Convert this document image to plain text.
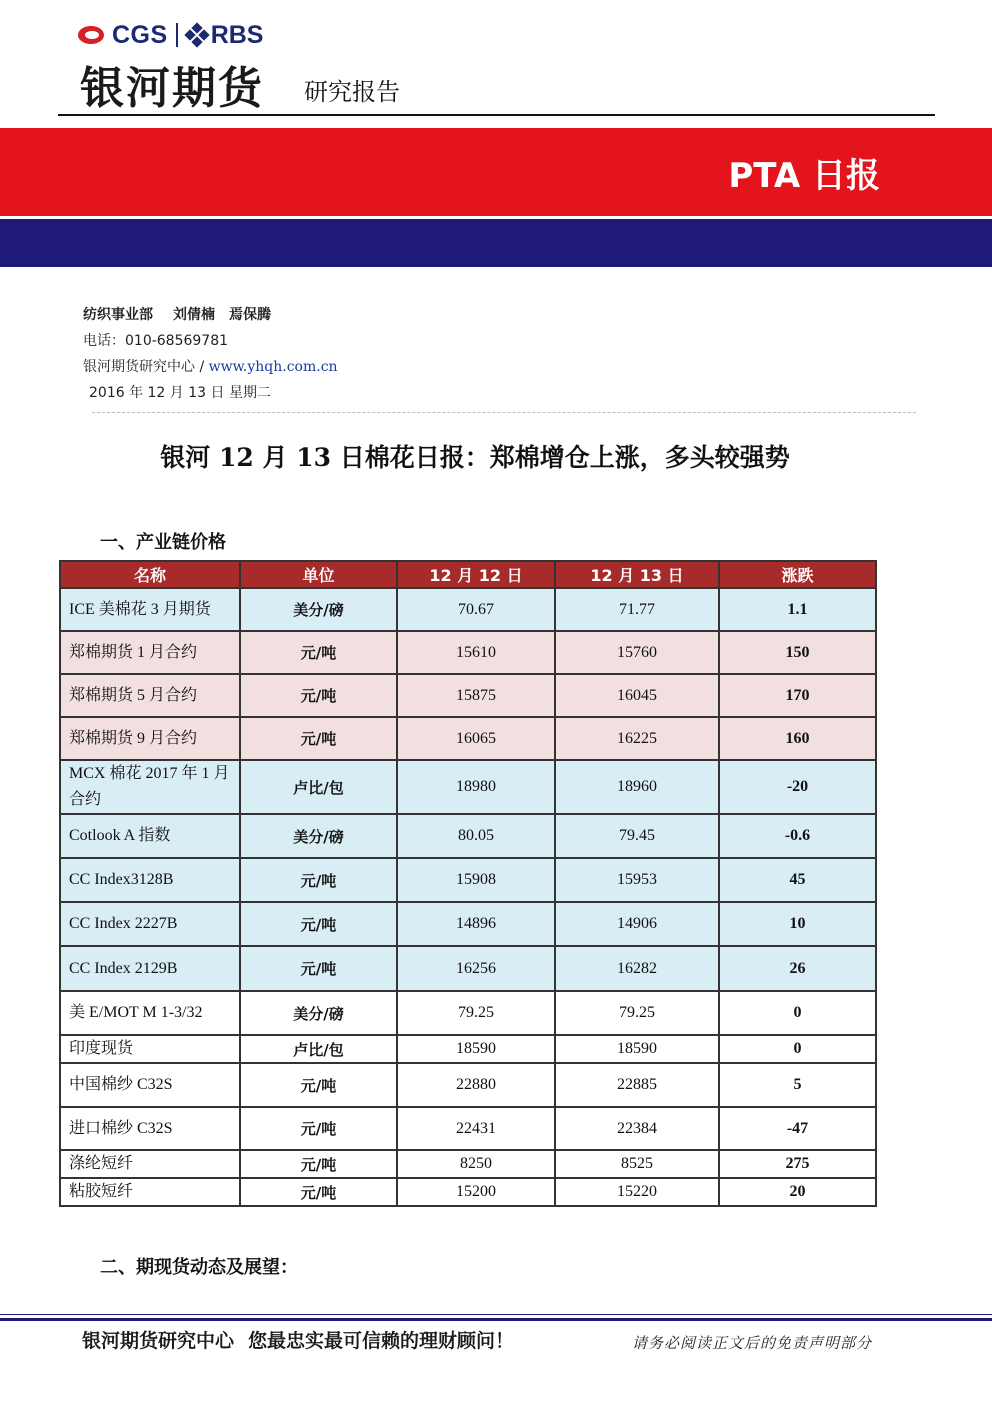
CGS RBS
银河期货 研究报告
PTA 日报
纺织事业部 刘倩楠 焉保腾
电话：010-68569781
银河期货研究中心 / www.yhqh.com.cn
2016 年 12 月 13 日 星期二
银河 12 月 13 日棉花日报：郑棉增仓上涨，多头较强势
一、产业链价格
名称	单位	12 月 12 日	12 月 13 日	涨跌
ICE 美棉花 3 月期货	美分/磅	70.67	71.77	1.1
郑棉期货 1 月合约	元/吨	15610	15760	150
郑棉期货 5 月合约	元/吨	15875	16045	170
郑棉期货 9 月合约	元/吨	16065	16225	160
MCX 棉花 2017 年 1 月合约	卢比/包	18980	18960	-20
Cotlook A 指数	美分/磅	80.05	79.45	-0.6
CC Index3128B	元/吨	15908	15953	45
CC Index 2227B	元/吨	14896	14906	10
CC Index 2129B	元/吨	16256	16282	26
美 E/MOT M 1-3/32	美分/磅	79.25	79.25	0
印度现货	卢比/包	18590	18590	0
中国棉纱 C32S	元/吨	22880	22885	5
进口棉纱 C32S	元/吨	22431	22384	-47
涤纶短纤	元/吨	8250	8525	275
粘胶短纤	元/吨	15200	15220	20
二、期现货动态及展望：
银河期货研究中心 您最忠实最可信赖的理财顾问！	请务必阅读正文后的免责声明部分
